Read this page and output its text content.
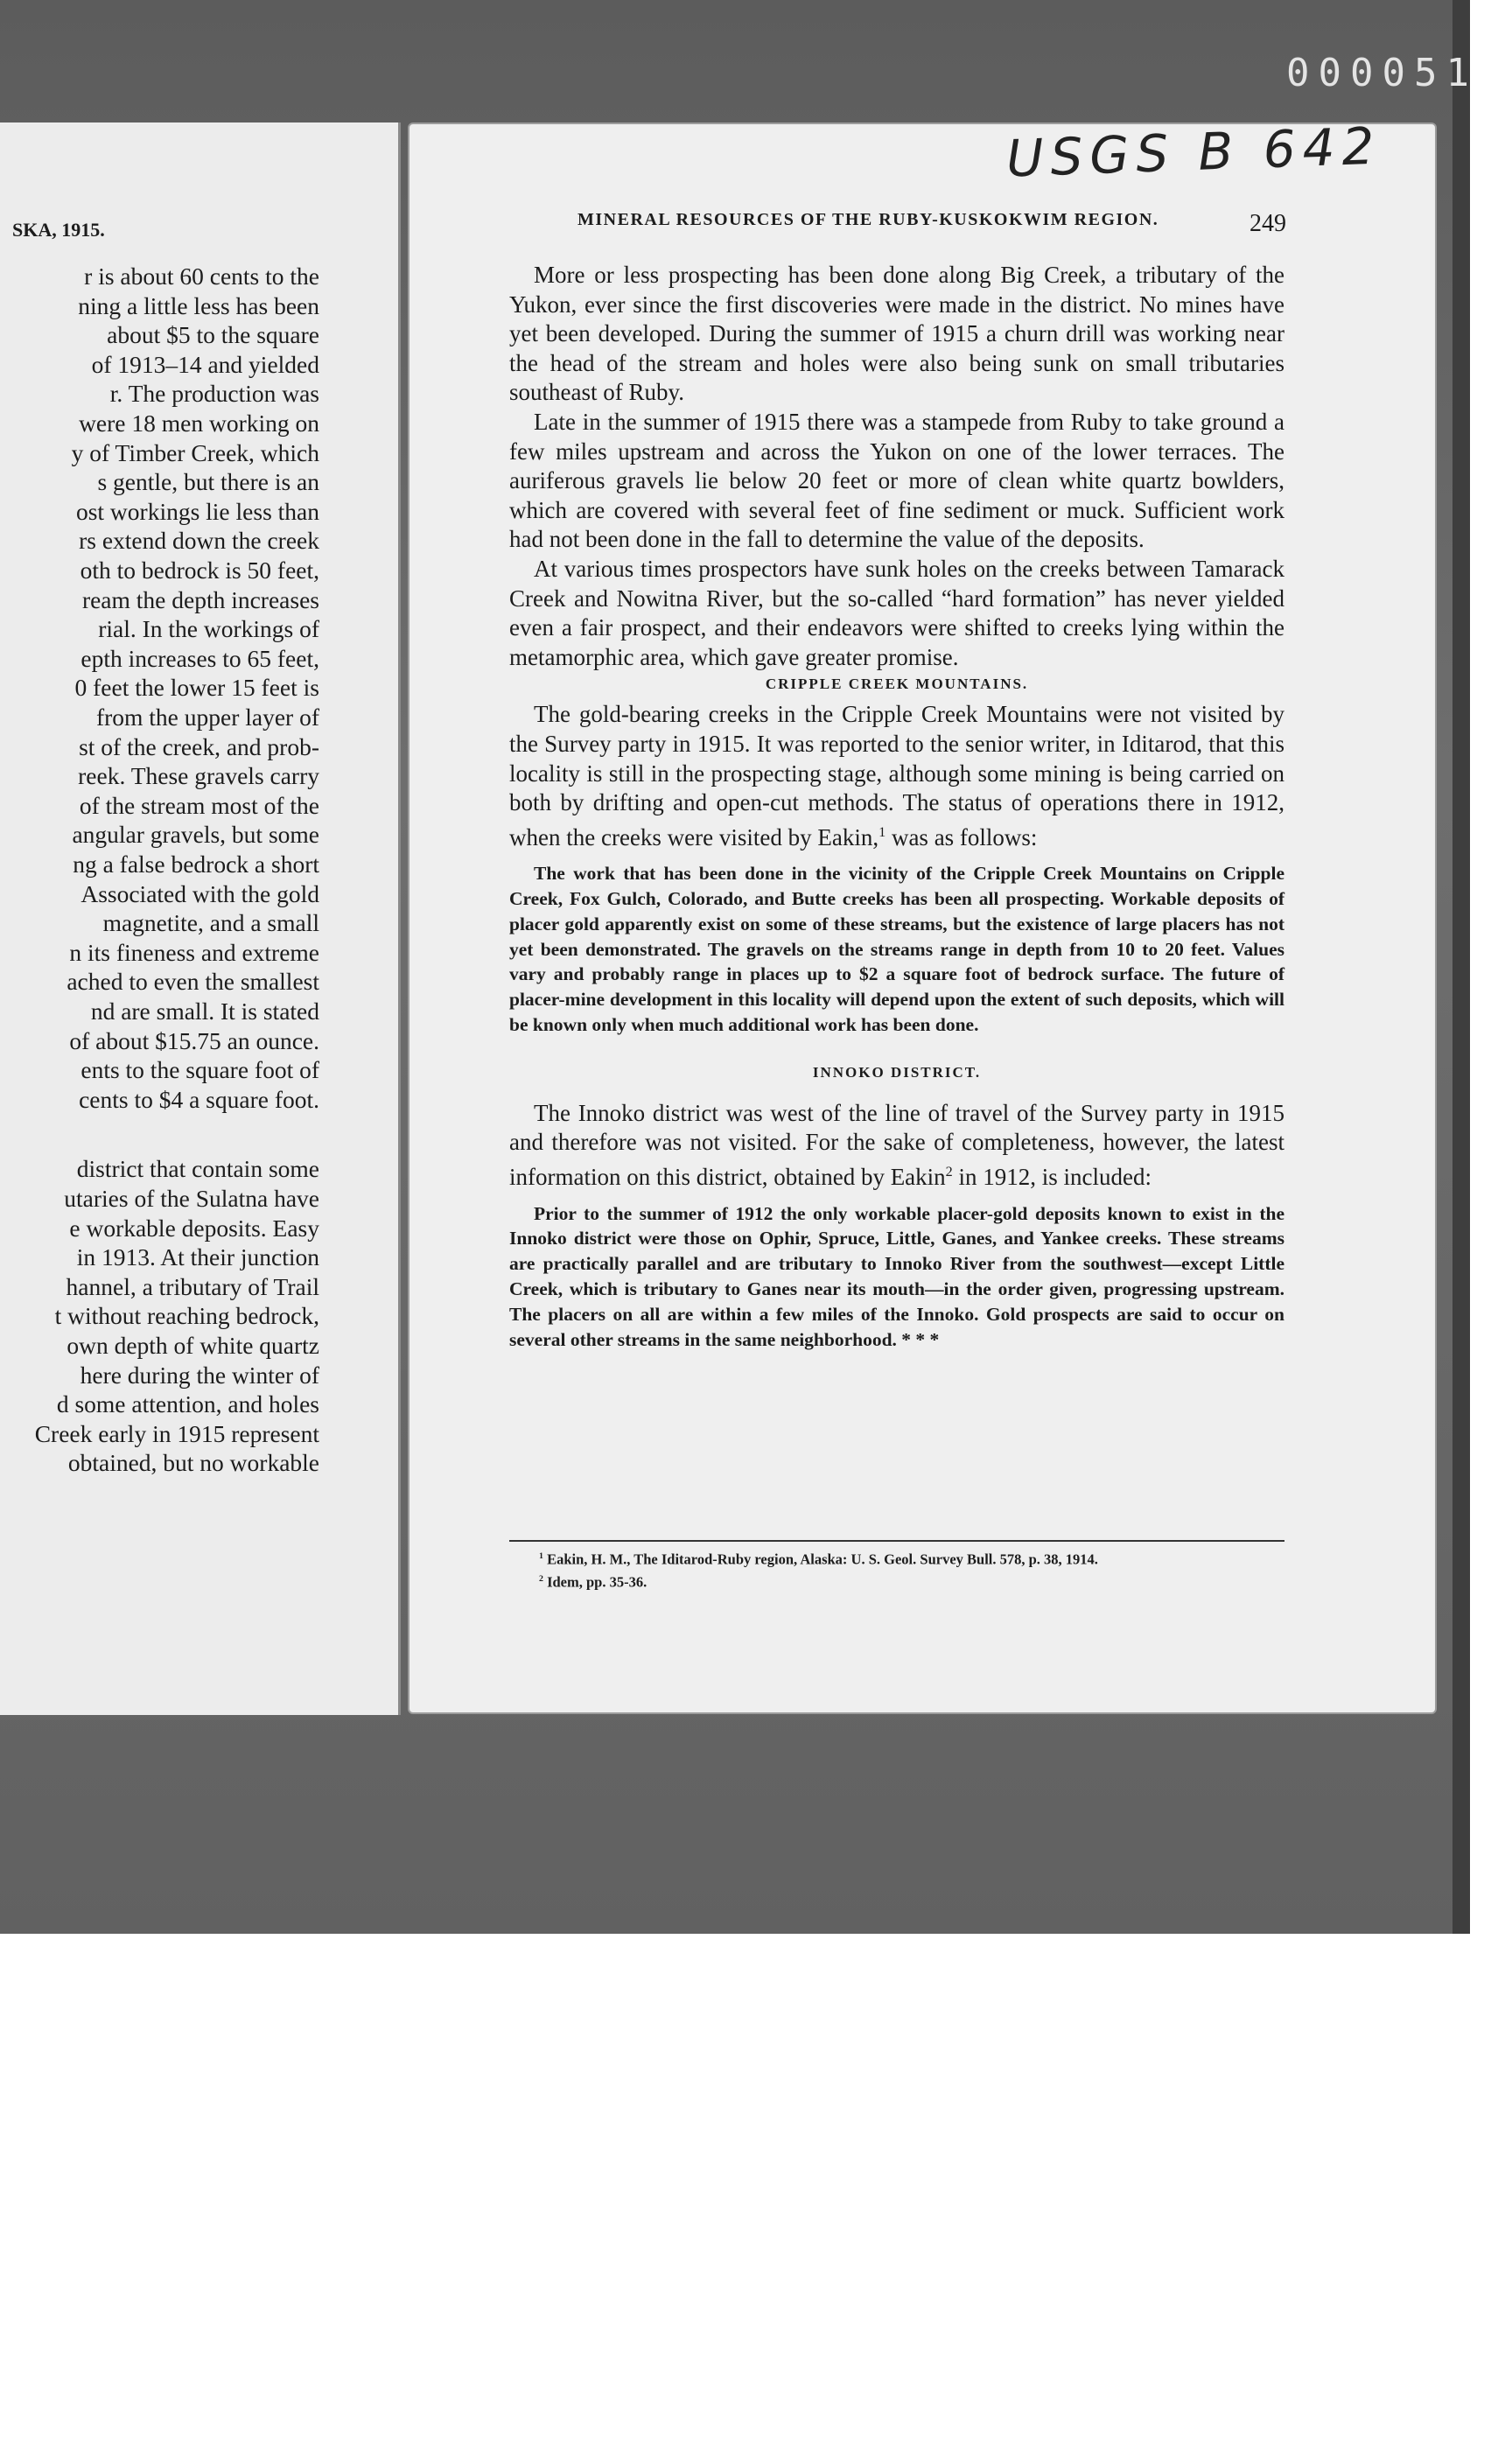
000051
SKA, 1915.
r is about 60 cents to the
ning a little less has been
about $5 to the square
of 1913–14 and yielded
r. The production was
were 18 men working on
y of Timber Creek, which
s gentle, but there is an
ost workings lie less than
rs extend down the creek
oth to bedrock is 50 feet,
ream the depth increases
rial. In the workings of
epth increases to 65 feet,
0 feet the lower 15 feet is
from the upper layer of
st of the creek, and prob-
reek. These gravels carry
of the stream most of the
angular gravels, but some
ng a false bedrock a short
Associated with the gold
magnetite, and a small
n its fineness and extreme
ached to even the smallest
nd are small. It is stated
of about $15.75 an ounce.
ents to the square foot of
cents to $4 a square foot.
district that contain some
utaries of the Sulatna have
e workable deposits. Easy
in 1913. At their junction
hannel, a tributary of Trail
t without reaching bedrock,
own depth of white quartz
here during the winter of
d some attention, and holes
Creek early in 1915 represent
obtained, but no workable
USGS B 642
MINERAL RESOURCES OF THE RUBY-KUSKOKWIM REGION.	249

More or less prospecting has been done along Big Creek, a tributary of the Yukon, ever since the first discoveries were made in the district. No mines have yet been developed. During the summer of 1915 a churn drill was working near the head of the stream and holes were also being sunk on small tributaries southeast of Ruby.

Late in the summer of 1915 there was a stampede from Ruby to take ground a few miles upstream and across the Yukon on one of the lower terraces. The auriferous gravels lie below 20 feet or more of clean white quartz bowlders, which are covered with several feet of fine sediment or muck. Sufficient work had not been done in the fall to determine the value of the deposits.

At various times prospectors have sunk holes on the creeks between Tamarack Creek and Nowitna River, but the so-called “hard formation” has never yielded even a fair prospect, and their endeavors were shifted to creeks lying within the metamorphic area, which gave greater promise.

CRIPPLE CREEK MOUNTAINS.

The gold-bearing creeks in the Cripple Creek Mountains were not visited by the Survey party in 1915. It was reported to the senior writer, in Iditarod, that this locality is still in the prospecting stage, although some mining is being carried on both by drifting and open-cut methods. The status of operations there in 1912, when the creeks were visited by Eakin,$^1$ was as follows:

The work that has been done in the vicinity of the Cripple Creek Mountains on Cripple Creek, Fox Gulch, Colorado, and Butte creeks has been all prospecting. Workable deposits of placer gold apparently exist on some of these streams, but the existence of large placers has not yet been demonstrated. The gravels on the streams range in depth from 10 to 20 feet. Values vary and probably range in places up to $2 a square foot of bedrock surface. The future of placer-mine development in this locality will depend upon the extent of such deposits, which will be known only when much additional work has been done.

INNOKO DISTRICT.

The Innoko district was west of the line of travel of the Survey party in 1915 and therefore was not visited. For the sake of completeness, however, the latest information on this district, obtained by Eakin$^2$ in 1912, is included:

Prior to the summer of 1912 the only workable placer-gold deposits known to exist in the Innoko district were those on Ophir, Spruce, Little, Ganes, and Yankee creeks. These streams are practically parallel and are tributary to Innoko River from the southwest—except Little Creek, which is tributary to Ganes near its mouth—in the order given, progressing upstream. The placers on all are within a few miles of the Innoko. Gold prospects are said to occur on several other streams in the same neighborhood. * * *

$^1$ Eakin, H. M., The Iditarod-Ruby region, Alaska: U. S. Geol. Survey Bull. 578, p. 38, 1914.
$^2$ Idem, pp. 35-36.
